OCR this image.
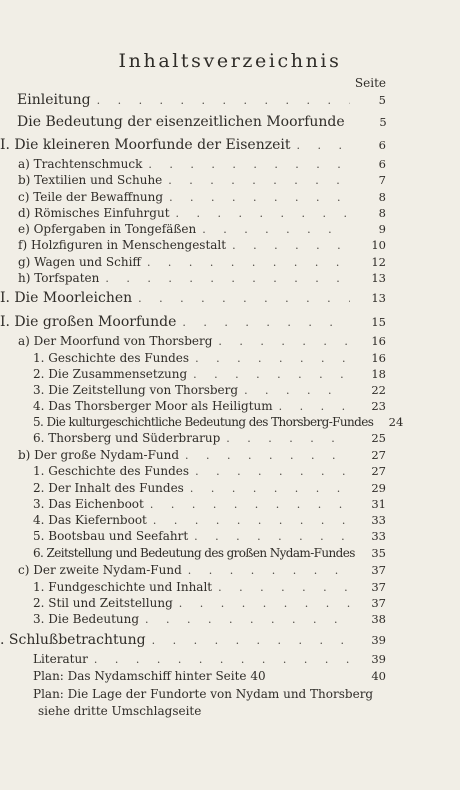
Inhaltsverzeichnis
Seite
Einleitung . . .	5
Die Bedeutung der eisenzeitlichen Moorfunde	5
I. Die kleineren Moorfunde der Eisenzeit . . .	6
a) Trachtenschmuck . . .	6
b) Textilien und Schuhe . . .	7
c) Teile der Bewaffnung . . .	8
d) Römisches Einfuhrgut . . .	8
e) Opfergaben in Tongefäßen . . .	9
f) Holzfiguren in Menschengestalt . . .	10
g) Wagen und Schiff . . .	12
h) Torfspaten . . .	13
I. Die Moorleichen . . .	13
I. Die großen Moorfunde . . .	15
a) Der Moorfund von Thorsberg . . .	16
1. Geschichte des Fundes . . .	16
2. Die Zusammensetzung . . .	18
3. Die Zeitstellung von Thorsberg . . .	22
4. Das Thorsberger Moor als Heiligtum . . .	23
5. Die kulturgeschichtliche Bedeutung des Thorsberg-Fundes	24
6. Thorsberg und Süderbrarup . . .	25
b) Der große Nydam-Fund . . .	27
1. Geschichte des Fundes . . .	27
2. Der Inhalt des Fundes . . .	29
3. Das Eichenboot . . .	31
4. Das Kiefernboot . . .	33
5. Bootsbau und Seefahrt . . .	33
6. Zeitstellung und Bedeutung des großen Nydam-Fundes	35
c) Der zweite Nydam-Fund . . .	37
1. Fundgeschichte und Inhalt . . .	37
2. Stil und Zeitstellung . . .	37
3. Die Bedeutung . . .	38
. Schlußbetrachtung . . .	39
Literatur . . .	39
Plan: Das Nydamschiff hinter Seite 40	40
Plan: Die Lage der Fundorte von Nydam und Thorsberg
siehe dritte Umschlagseite
